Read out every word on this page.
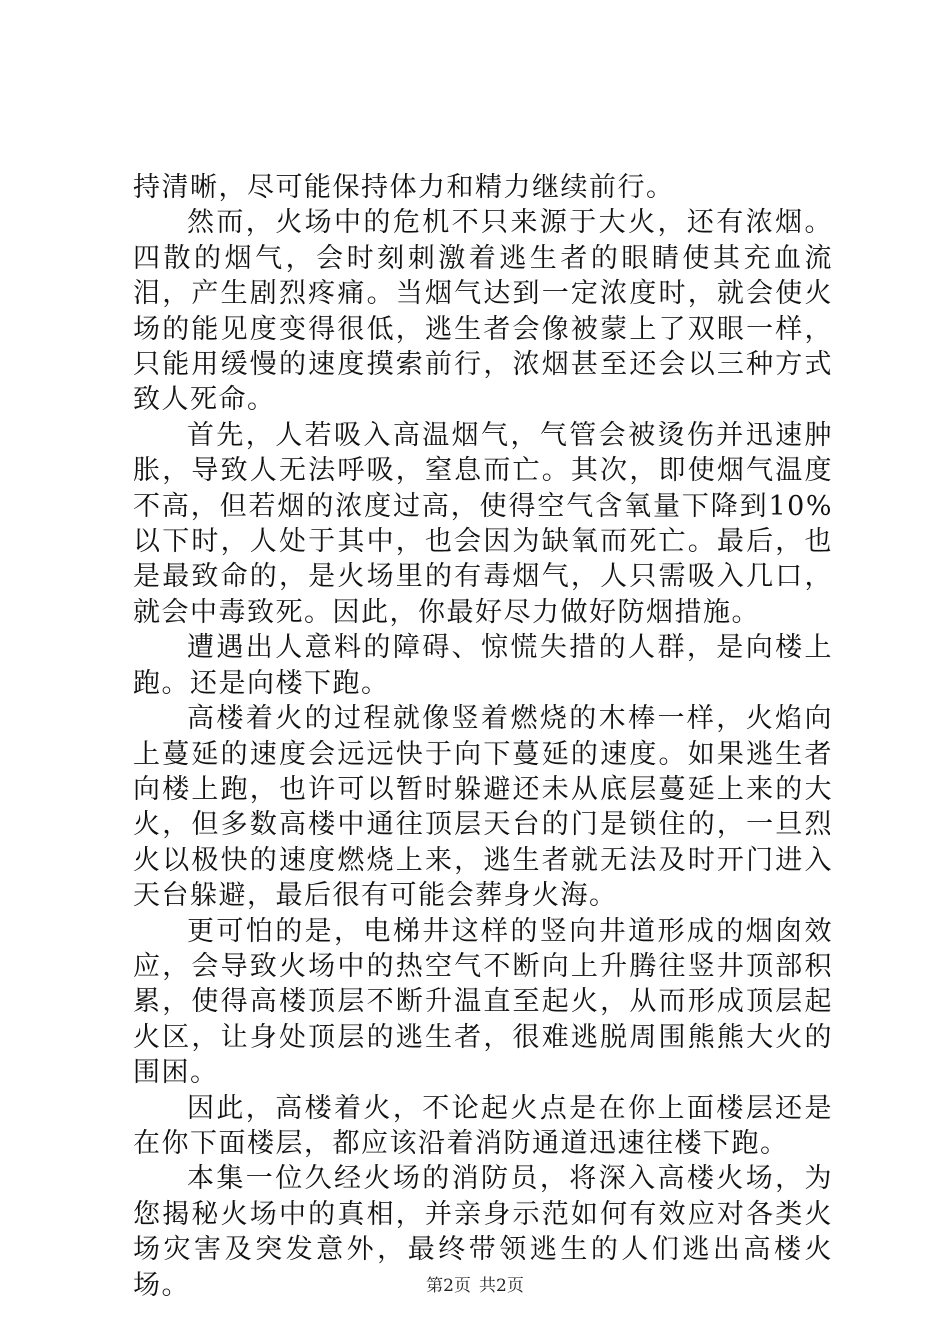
持清晰，尽可能保持体力和精力继续前行。

然而，火场中的危机不只来源于大火，还有浓烟。四散的烟气，会时刻刺激着逃生者的眼睛使其充血流泪，产生剧烈疼痛。当烟气达到一定浓度时，就会使火场的能见度变得很低，逃生者会像被蒙上了双眼一样，只能用缓慢的速度摸索前行，浓烟甚至还会以三种方式致人死命。

首先，人若吸入高温烟气，气管会被烫伤并迅速肿胀，导致人无法呼吸，窒息而亡。其次，即使烟气温度不高，但若烟的浓度过高，使得空气含氧量下降到10%以下时，人处于其中，也会因为缺氧而死亡。最后，也是最致命的，是火场里的有毒烟气，人只需吸入几口，就会中毒致死。因此，你最好尽力做好防烟措施。

遭遇出人意料的障碍、惊慌失措的人群，是向楼上跑。还是向楼下跑。

高楼着火的过程就像竖着燃烧的木棒一样，火焰向上蔓延的速度会远远快于向下蔓延的速度。如果逃生者向楼上跑，也许可以暂时躲避还未从底层蔓延上来的大火，但多数高楼中通往顶层天台的门是锁住的，一旦烈火以极快的速度燃烧上来，逃生者就无法及时开门进入天台躲避，最后很有可能会葬身火海。

更可怕的是，电梯井这样的竖向井道形成的烟囱效应，会导致火场中的热空气不断向上升腾往竖井顶部积累，使得高楼顶层不断升温直至起火，从而形成顶层起火区，让身处顶层的逃生者，很难逃脱周围熊熊大火的围困。

因此，高楼着火，不论起火点是在你上面楼层还是在你下面楼层，都应该沿着消防通道迅速往楼下跑。

本集一位久经火场的消防员，将深入高楼火场，为您揭秘火场中的真相，并亲身示范如何有效应对各类火场灾害及突发意外，最终带领逃生的人们逃出高楼火场。	第2页 共2页
